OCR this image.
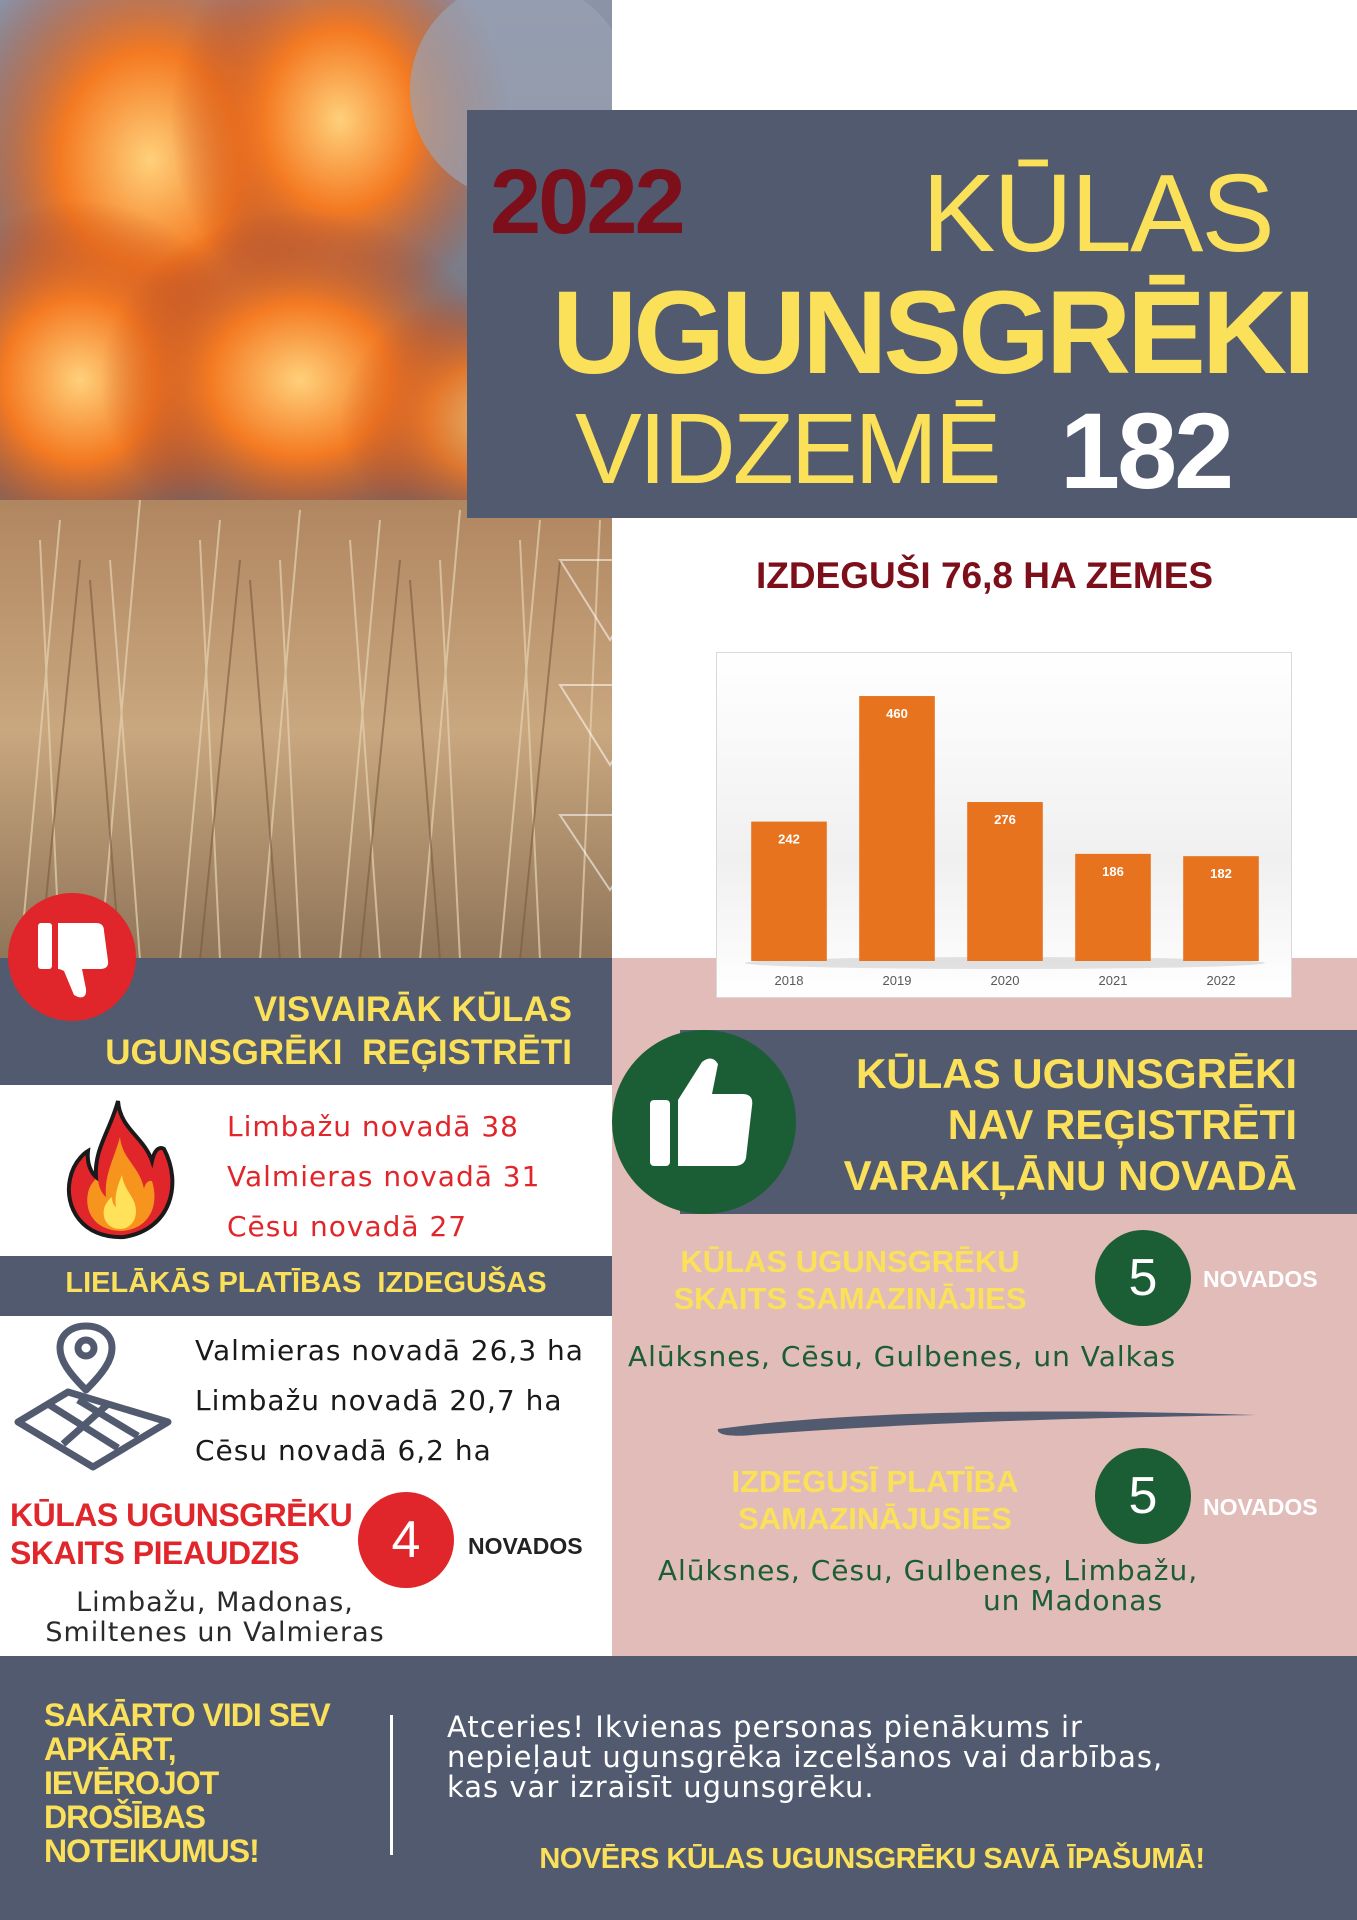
2022 KŪLAS
UGUNSGRĒKI
VIDZEMĒ 182
IZDEGUŠI 76,8 HA ZEMES
242
2018
460
2019
276
2020
186
2021
182
2022
VISVAIRĀK KŪLAS
UGUNSGRĒKI  REĢISTRĒTI
Limbažu novadā 38
Valmieras novadā 31
Cēsu novadā 27
LIELĀKĀS PLATĪBAS  IZDEGUŠAS
Valmieras novadā 26,3 ha
Limbažu novadā 20,7 ha
Cēsu novadā 6,2 ha
KŪLAS UGUNSGRĒKU
SKAITS PIEAUDZIS	4	NOVADOS
Limbažu, Madonas,
Smiltenes un Valmieras
KŪLAS UGUNSGRĒKI
NAV REĢISTRĒTI
VARAKĻĀNU NOVADĀ
KŪLAS UGUNSGRĒKU
SKAITS SAMAZINĀJIES	5	NOVADOS
Alūksnes, Cēsu, Gulbenes, un Valkas
IZDEGUSĪ PLATĪBA
SAMAZINĀJUSIES	5	NOVADOS
Alūksnes, Cēsu, Gulbenes, Limbažu,
un Madonas
SAKĀRTO VIDI SEV
APKĀRT,
IEVĒROJOT
DROŠĪBAS
NOTEIKUMUS!
Atceries! Ikvienas personas pienākums ir
nepieļaut ugunsgrēka izcelšanos vai darbības,
kas var izraisīt ugunsgrēku.
NOVĒRS KŪLAS UGUNSGRĒKU SAVĀ ĪPAŠUMĀ!
